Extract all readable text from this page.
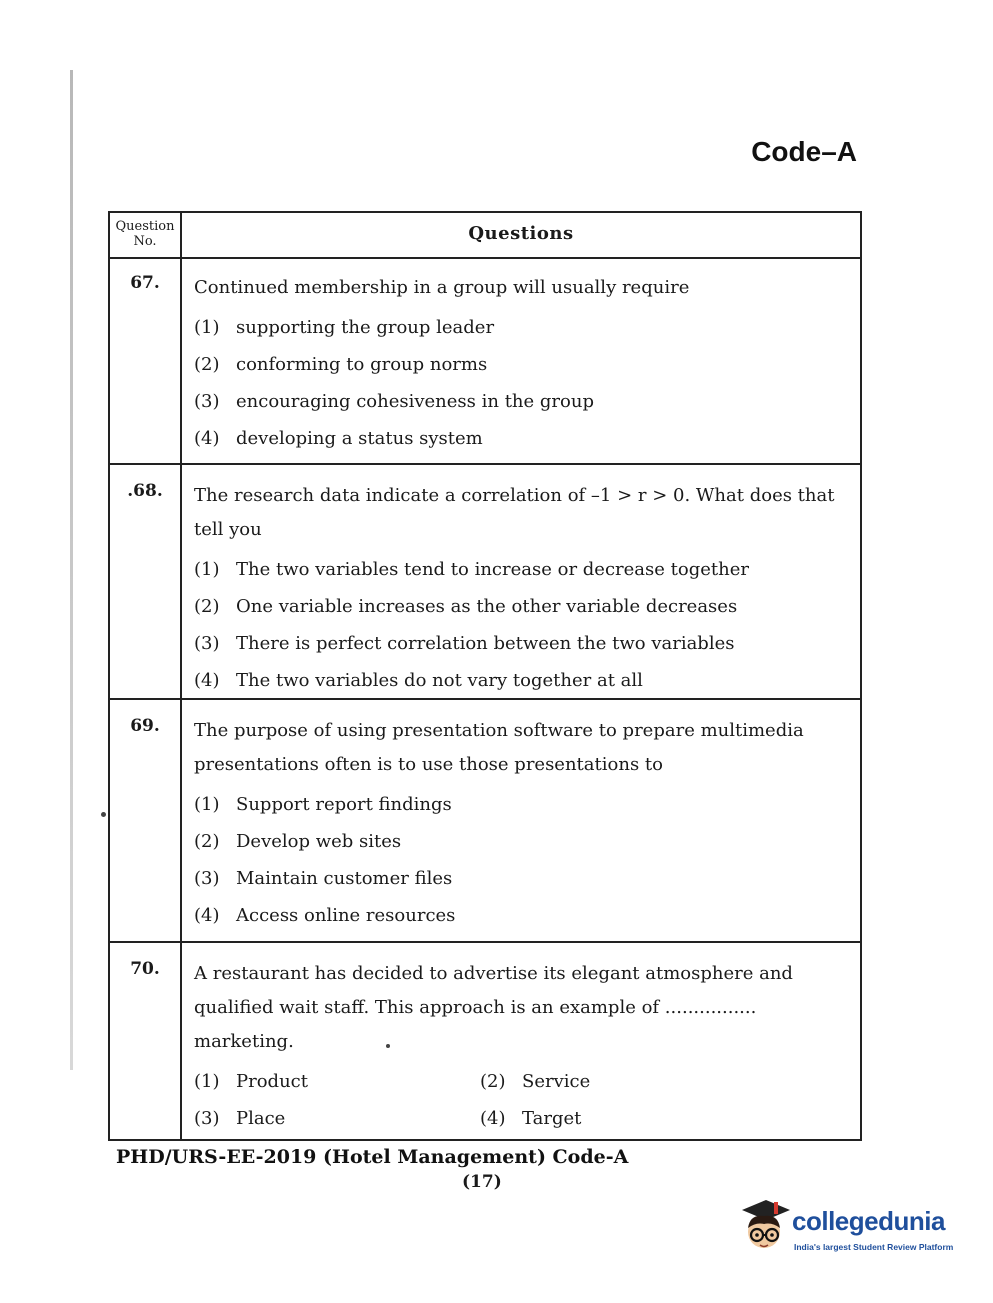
Code–A
Question No.	Questions
67.	Continued membership in a group will usually require
(1) supporting the group leader
(2) conforming to group norms
(3) encouraging cohesiveness in the group
(4) developing a status system
.68.	The research data indicate a correlation of –1 > r > 0. What does that tell you
(1) The two variables tend to increase or decrease together
(2) One variable increases as the other variable decreases
(3) There is perfect correlation between the two variables
(4) The two variables do not vary together at all
69.	The purpose of using presentation software to prepare multimedia presentations often is to use those presentations to
(1) Support report findings
(2) Develop web sites
(3) Maintain customer files
(4) Access online resources
70.	A restaurant has decided to advertise its elegant atmosphere and qualified wait staff. This approach is an example of ................ marketing.
(1) Product	(2) Service
(3) Place	(4) Target
PHD/URS-EE-2019 (Hotel Management) Code-A
(17)
collegedunia
India's largest Student Review Platform
